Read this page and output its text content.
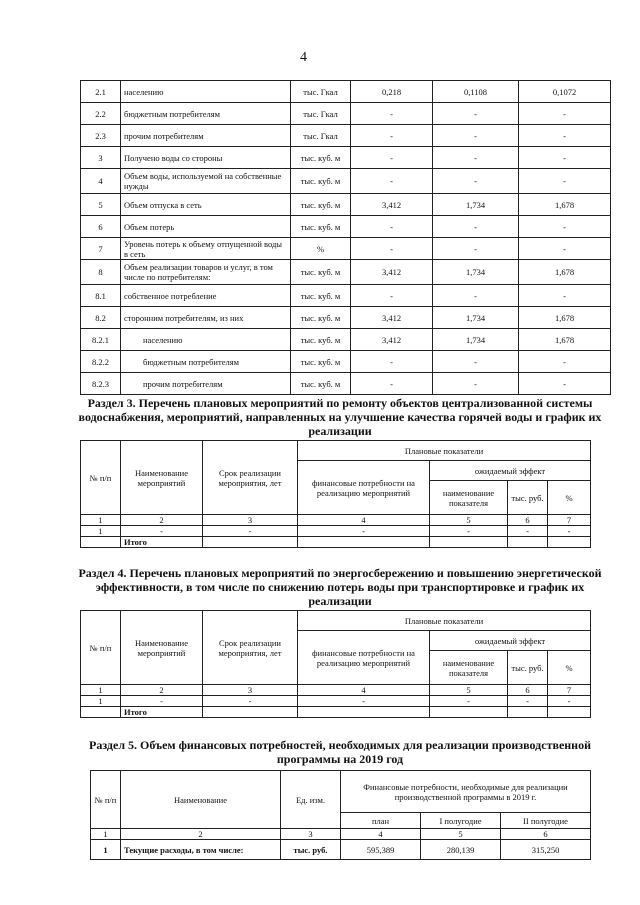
4
2.1	населению	тыс. Гкал	0,218	0,1108	0,1072
2.2	бюджетным потребителям	тыс. Гкал	-	-	-
2.3	прочим потребителям	тыс. Гкал	-	-	-
3	Получено воды со стороны	тыс. куб. м	-	-	-
4	Объем воды, используемой на собственные нужды	тыс. куб. м	-	-	-
5	Объем отпуска в сеть	тыс. куб. м	3,412	1,734	1,678
6	Объем потерь	тыс. куб. м	-	-	-
7	Уровень потерь к объему отпущенной воды в сеть	%	-	-	-
8	Объем реализации товаров и услуг, в том числе по потребителям:	тыс. куб. м	3,412	1,734	1,678
8.1	собственное потребление	тыс. куб. м	-	-	-
8.2	сторонним потребителям, из них	тыс. куб. м	3,412	1,734	1,678
8.2.1	населению	тыс. куб. м	3,412	1,734	1,678
8.2.2	бюджетным потребителям	тыс. куб. м	-	-	-
8.2.3	прочим потребителям	тыс. куб. м	-	-	-
Раздел 3. Перечень плановых мероприятий по ремонту объектов централизованной системы водоснабжения, мероприятий, направленных на улучшение качества горячей воды и график их реализации
№ п/п	Наименование мероприятий	Срок реализации мероприятия, лет	Плановые показатели			
			финансовые потребности на реализацию мероприятий	ожидаемый эффект		
				наименование показателя	тыс. руб.	%
1	2	3	4	5	6	7
1	-	-	-	-	-	-
	Итого					
Раздел 4. Перечень плановых мероприятий по энергосбережению и повышению энергетической эффективности, в том числе по снижению потерь воды при транспортировке и график их реализации
№ п/п	Наименование мероприятий	Срок реализации мероприятия, лет	Плановые показатели			
			финансовые потребности на реализацию мероприятий	ожидаемый эффект		
				наименование показателя	тыс. руб.	%
1	2	3	4	5	6	7
1	-	-	-	-	-	-
	Итого					
Раздел 5. Объем финансовых потребностей, необходимых для реализации производственной программы на 2019 год
№ п/п	Наименование	Ед. изм.	Финансовые потребности, необходимые для реализации производственной программы в 2019 г.		
			план	I полугодие	II полугодие
1	2	3	4	5	6
1	Текущие расходы, в том числе:	тыс. руб.	595,389	280,139	315,250
